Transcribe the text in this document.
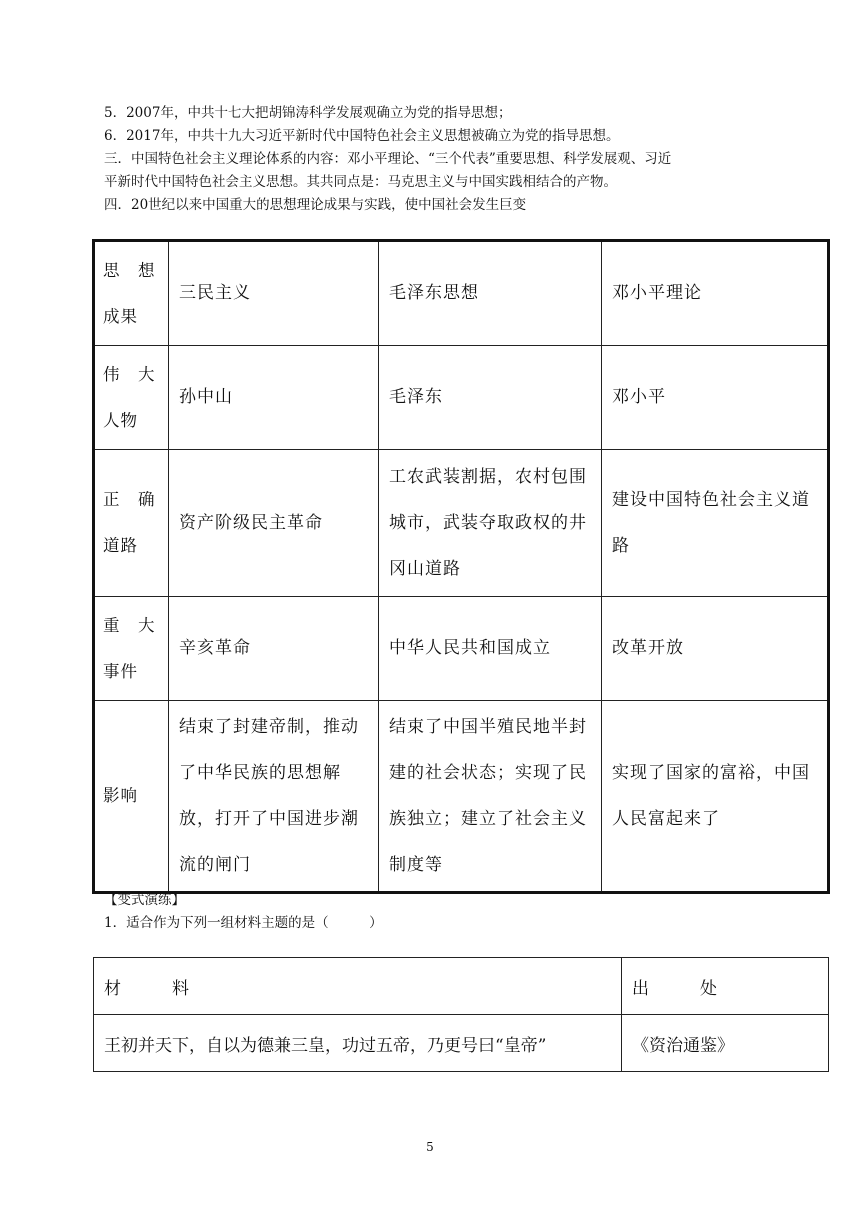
5．2007年，中共十七大把胡锦涛科学发展观确立为党的指导思想；
6．2017年，中共十九大习近平新时代中国特色社会主义思想被确立为党的指导思想。
三．中国特色社会主义理论体系的内容：邓小平理论、“三个代表”重要思想、科学发展观、习近
平新时代中国特色社会主义思想。其共同点是：马克思主义与中国实践相结合的产物。
四．20世纪以来中国重大的思想理论成果与实践，使中国社会发生巨变
思　想
成果	三民主义	毛泽东思想	邓小平理论

伟　大
人物	孙中山	毛泽东	邓小平

正　确
道路	资产阶级民主革命	工农武装割据，农村包围城市，武装夺取政权的井冈山道路	建设中国特色社会主义道路

重　大
事件	辛亥革命	中华人民共和国成立	改革开放
影响	结束了封建帝制，推动了中华民族的思想解放，打开了中国进步潮流的闸门	结束了中国半殖民地半封建的社会状态；实现了民族独立；建立了社会主义制度等	实现了国家的富裕，中国人民富起来了
【变式演练】
1．适合作为下列一组材料主题的是（　　　）
材　　　料	出　　　处
王初并天下，自以为德兼三皇，功过五帝，乃更号曰“皇帝”	《资治通鉴》
5
